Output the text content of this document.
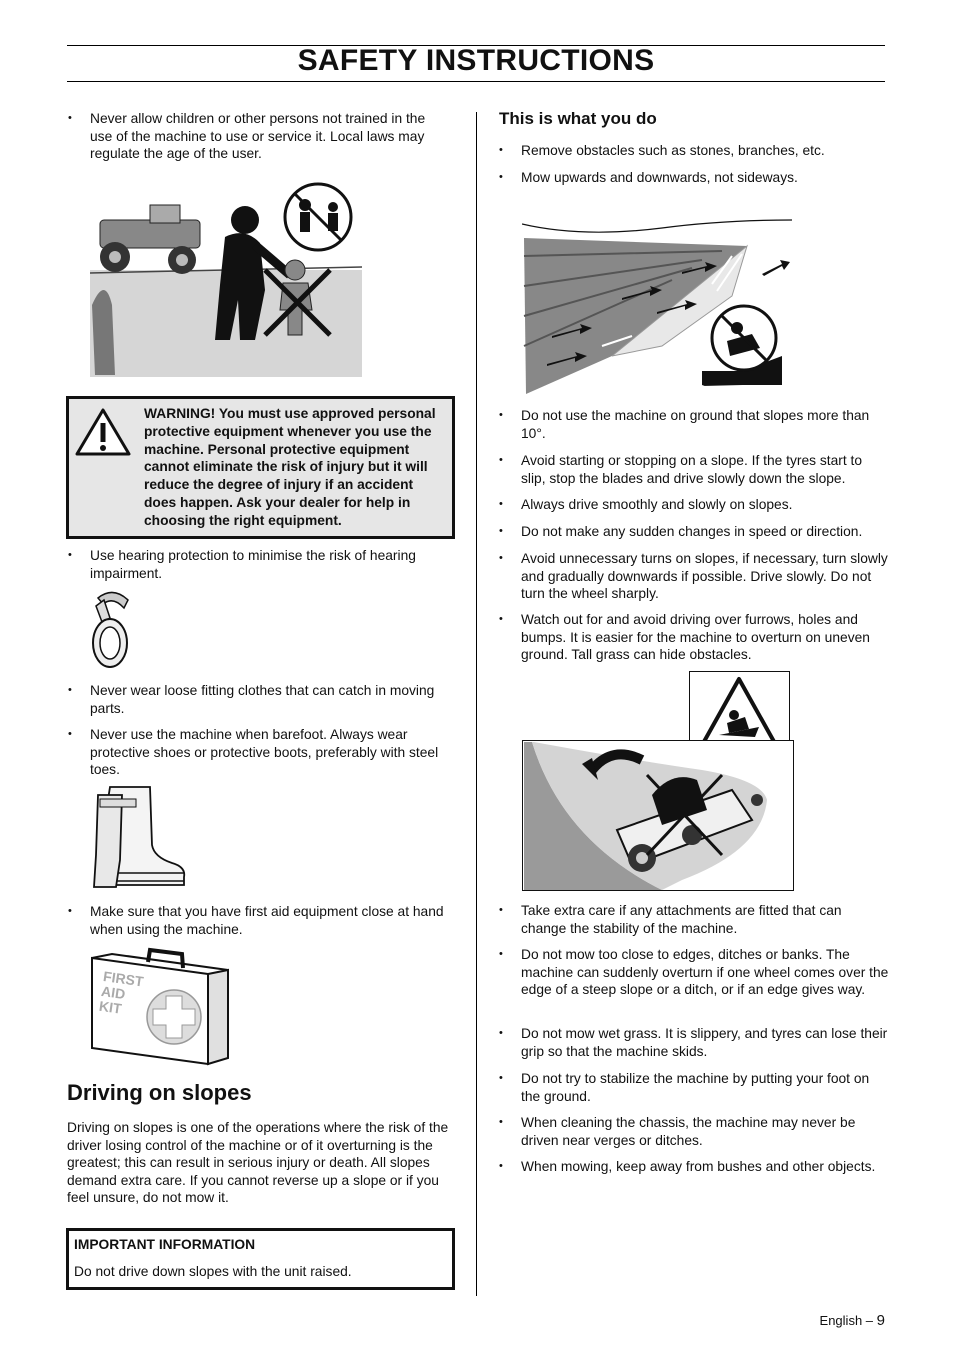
SAFETY INSTRUCTIONS
• Never allow children or other persons not trained in the use of the machine to use or service it. Local laws may regulate the age of the user.
WARNING! You must use approved personal protective equipment whenever you use the machine. Personal protective equipment cannot eliminate the risk of injury but it will reduce the degree of injury if an accident does happen. Ask your dealer for help in choosing the right equipment.
• Use hearing protection to minimise the risk of hearing impairment.
• Never wear loose fitting clothes that can catch in moving parts.
• Never use the machine when barefoot. Always wear protective shoes or protective boots, preferably with steel toes.
• Make sure that you have first aid equipment close at hand when using the machine.
FIRST AID KIT
Driving on slopes
Driving on slopes is one of the operations where the risk of the driver losing control of the machine or of it overturning is the greatest; this can result in serious injury or death. All slopes demand extra care. If you cannot reverse up a slope or if you feel unsure, do not mow it.
IMPORTANT INFORMATION
Do not drive down slopes with the unit raised.
This is what you do
• Remove obstacles such as stones, branches, etc.
• Mow upwards and downwards, not sideways.
• Do not use the machine on ground that slopes more than 10°.
• Avoid starting or stopping on a slope. If the tyres start to slip, stop the blades and drive slowly down the slope.
• Always drive smoothly and slowly on slopes.
• Do not make any sudden changes in speed or direction.
• Avoid unnecessary turns on slopes, if necessary, turn slowly and gradually downwards if possible. Drive slowly. Do not turn the wheel sharply.
• Watch out for and avoid driving over furrows, holes and bumps. It is easier for the machine to overturn on uneven ground. Tall grass can hide obstacles.
• Take extra care if any attachments are fitted that can change the stability of the machine.
• Do not mow too close to edges, ditches or banks. The machine can suddenly overturn if one wheel comes over the edge of a steep slope or a ditch, or if an edge gives way.
• Do not mow wet grass. It is slippery, and tyres can lose their grip so that the machine skids.
• Do not try to stabilize the machine by putting your foot on the ground.
• When cleaning the chassis, the machine may never be driven near verges or ditches.
• When mowing, keep away from bushes and other objects.
English – 9
